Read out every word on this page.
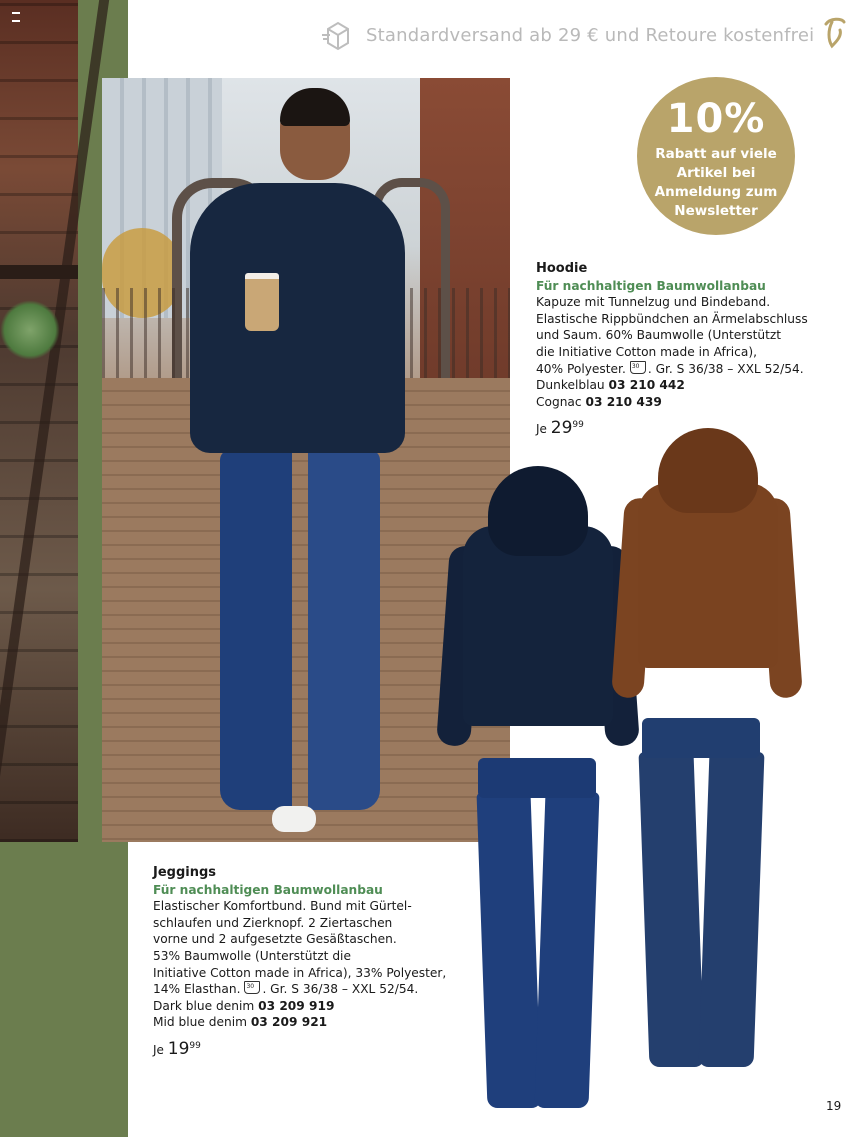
Standardversand ab 29 € und Retoure kostenfrei
10%
Rabatt auf viele Artikel bei Anmeldung zum Newsletter
Hoodie
Für nachhaltigen Baumwollanbau
Kapuze mit Tunnelzug und Bindeband.
Elastische Rippbündchen an Ärmelabschluss
und Saum. 60% Baumwolle (Unterstützt
die Initiative Cotton made in Africa),
40% Polyester. 30 . Gr. S 36/38 – XXL 52/54.
Dunkelblau 03 210 442
Cognac 03 210 439
Je $29^{99}$
Jeggings
Für nachhaltigen Baumwollanbau
Elastischer Komfortbund. Bund mit Gürtel-
schlaufen und Zierknopf. 2 Ziertaschen
vorne und 2 aufgesetzte Gesäßtaschen.
53% Baumwolle (Unterstützt die
Initiative Cotton made in Africa), 33% Polyester,
14% Elasthan. 30 . Gr. S 36/38 – XXL 52/54.
Dark blue denim 03 209 919
Mid blue denim 03 209 921
Je $19^{99}$
19
